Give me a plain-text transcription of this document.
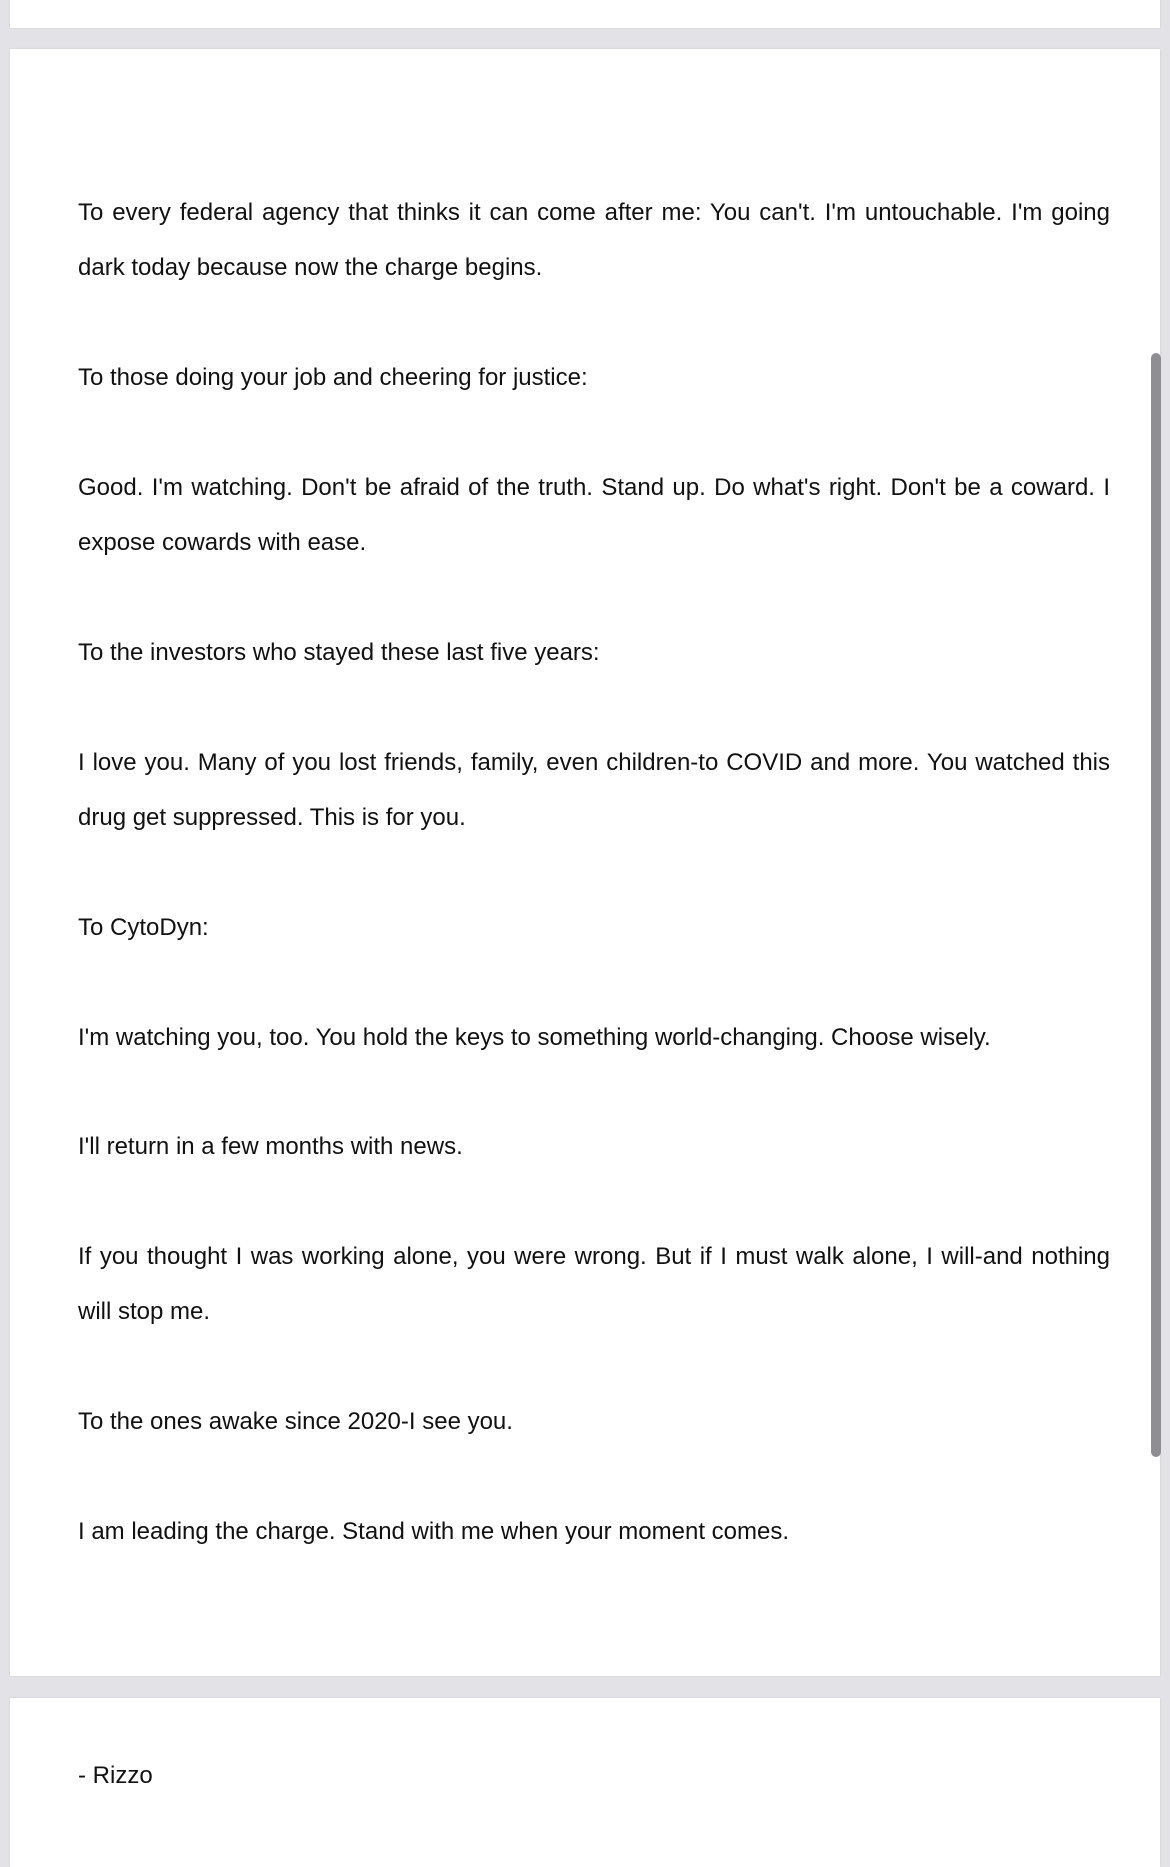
To every federal agency that thinks it can come after me: You can't. I'm untouchable. I'm going dark today because now the charge begins.

To those doing your job and cheering for justice:

Good. I'm watching. Don't be afraid of the truth. Stand up. Do what's right. Don't be a coward. I expose cowards with ease.

To the investors who stayed these last five years:

I love you. Many of you lost friends, family, even children-to COVID and more. You watched this drug get suppressed. This is for you.

To CytoDyn:

I'm watching you, too. You hold the keys to something world-changing. Choose wisely.

I'll return in a few months with news.

If you thought I was working alone, you were wrong. But if I must walk alone, I will-and nothing will stop me.

To the ones awake since 2020-I see you.

I am leading the charge. Stand with me when your moment comes.

- Rizzo
